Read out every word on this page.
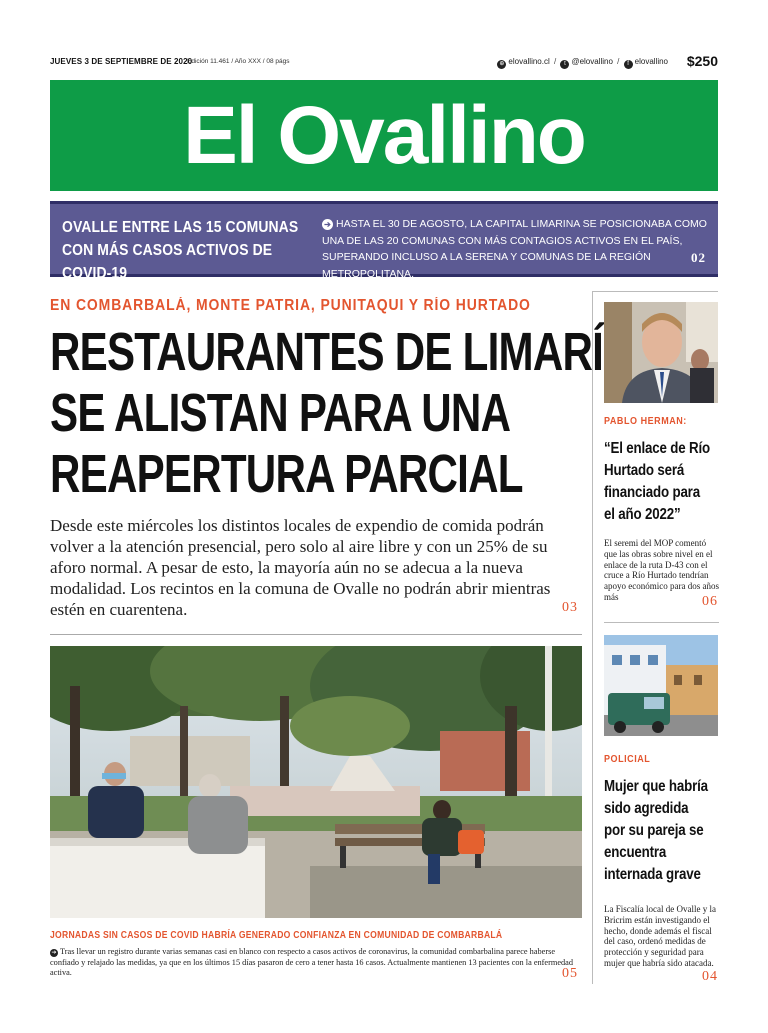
JUEVES 3 DE SEPTIEMBRE DE 2020
Edición 11.461 / Año XXX / 08 págs	⊕ elovallino.cl / t @elovallino / f elovallino $250
El Ovallino
OVALLE ENTRE LAS 15 COMUNAS CON MÁS CASOS ACTIVOS DE COVID-19
➔ HASTA EL 30 DE AGOSTO, LA CAPITAL LIMARINA SE POSICIONABA COMO UNA DE LAS 20 COMUNAS CON MÁS CONTAGIOS ACTIVOS EN EL PAÍS, SUPERANDO INCLUSO A LA SERENA Y COMUNAS DE LA REGIÓN METROPOLITANA.
02
EN COMBARBALÁ, MONTE PATRIA, PUNITAQUI Y RÍO HURTADO
RESTAURANTES DE LIMARÍ
SE ALISTAN PARA UNA
REAPERTURA PARCIAL
Desde este miércoles los distintos locales de expendio de comida podrán volver a la atención presencial, pero solo al aire libre y con un 25% de su aforo normal. A pesar de esto, la mayoría aún no se adecua a la nueva modalidad. Los recintos en la comuna de Ovalle no podrán abrir mientras estén en cuarentena.	03
JORNADAS SIN CASOS DE COVID HABRÍA GENERADO CONFIANZA EN COMUNIDAD DE COMBARBALÁ
➔ Tras llevar un registro durante varias semanas casi en blanco con respecto a casos activos de coronavirus, la comunidad combarbalina parece haberse confiado y relajado las medidas, ya que en los últimos 15 días pasaron de cero a tener hasta 16 casos. Actualmente mantienen 13 pacientes con la enfermedad activa.	05
PABLO HERMAN:
“El enlace de Río Hurtado será financiado para el año 2022”
El seremi del MOP comentó que las obras sobre nivel en el enlace de la ruta D-43 con el cruce a Río Hurtado tendrían apoyo económico para dos años más	06
POLICIAL
Mujer que habría sido agredida por su pareja se encuentra internada grave
La Fiscalía local de Ovalle y la Bricrim están investigando el hecho, donde además el fiscal del caso, ordenó medidas de protección y seguridad para mujer que habría sido atacada.
04
